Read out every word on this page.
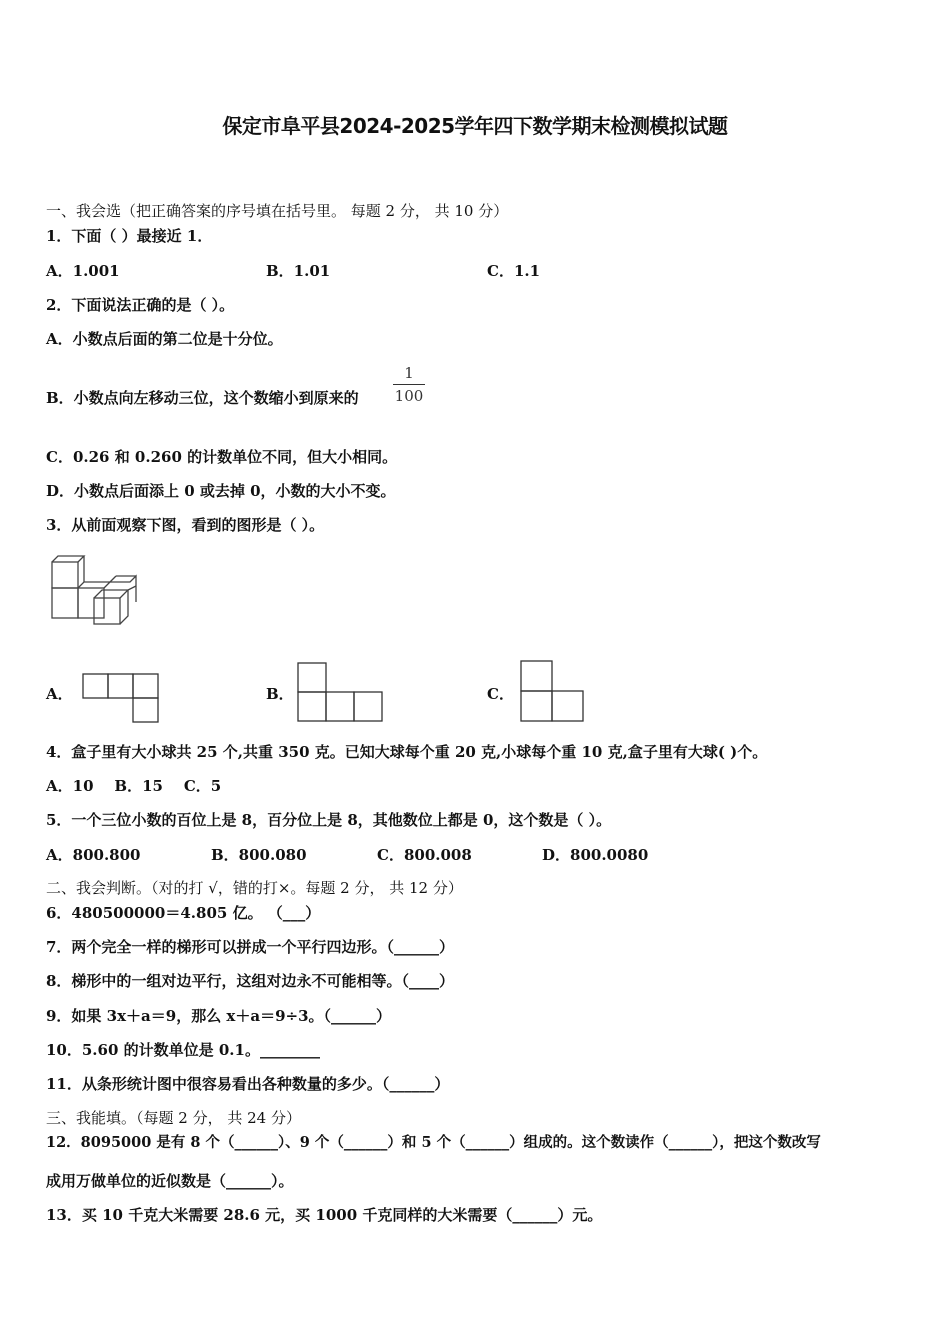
保定市阜平县2024-2025学年四下数学期末检测模拟试题
一、我会选（把正确答案的序号填在括号里。 每题 2 分， 共 10 分）
1．下面（ ）最接近 1．
A．1.001	B．1.01	C．1.1
2．下面说法正确的是（ ）。
A．小数点后面的第二位是十分位。
B．小数点向左移动三位，这个数缩小到原来的 $\frac{1}{100}$
C．0.26 和 0.260 的计数单位不同，但大小相同。
D．小数点后面添上 0 或去掉 0，小数的大小不变。
3．从前面观察下图，看到的图形是（ ）。
A．	B．	C．
4．盒子里有大小球共 25 个,共重 350 克。已知大球每个重 20 克,小球每个重 10 克,盒子里有大球( )个。
A．10    B．15    C．5
5．一个三位小数的百位上是 8，百分位上是 8，其他数位上都是 0，这个数是（ ）。
A．800.800	B．800.080	C．800.008	D．800.0080
二、我会判断。（对的打 √，错的打×。每题 2 分， 共 12 分）
6．480500000＝4.805 亿。 （___）
7．两个完全一样的梯形可以拼成一个平行四边形。（______）
8．梯形中的一组对边平行，这组对边永不可能相等。（____）
9．如果 3x＋a＝9，那么 x＋a＝9÷3。（______）
10．5.60 的计数单位是 0.1。________
11．从条形统计图中很容易看出各种数量的多少。（______）
三、我能填。（每题 2 分， 共 24 分）
12．8095000 是有 8 个（______）、9 个（______）和 5 个（______）组成的。这个数读作（______），把这个数改写
成用万做单位的近似数是（______）。
13．买 10 千克大米需要 28.6 元，买 1000 千克同样的大米需要（______）元。
